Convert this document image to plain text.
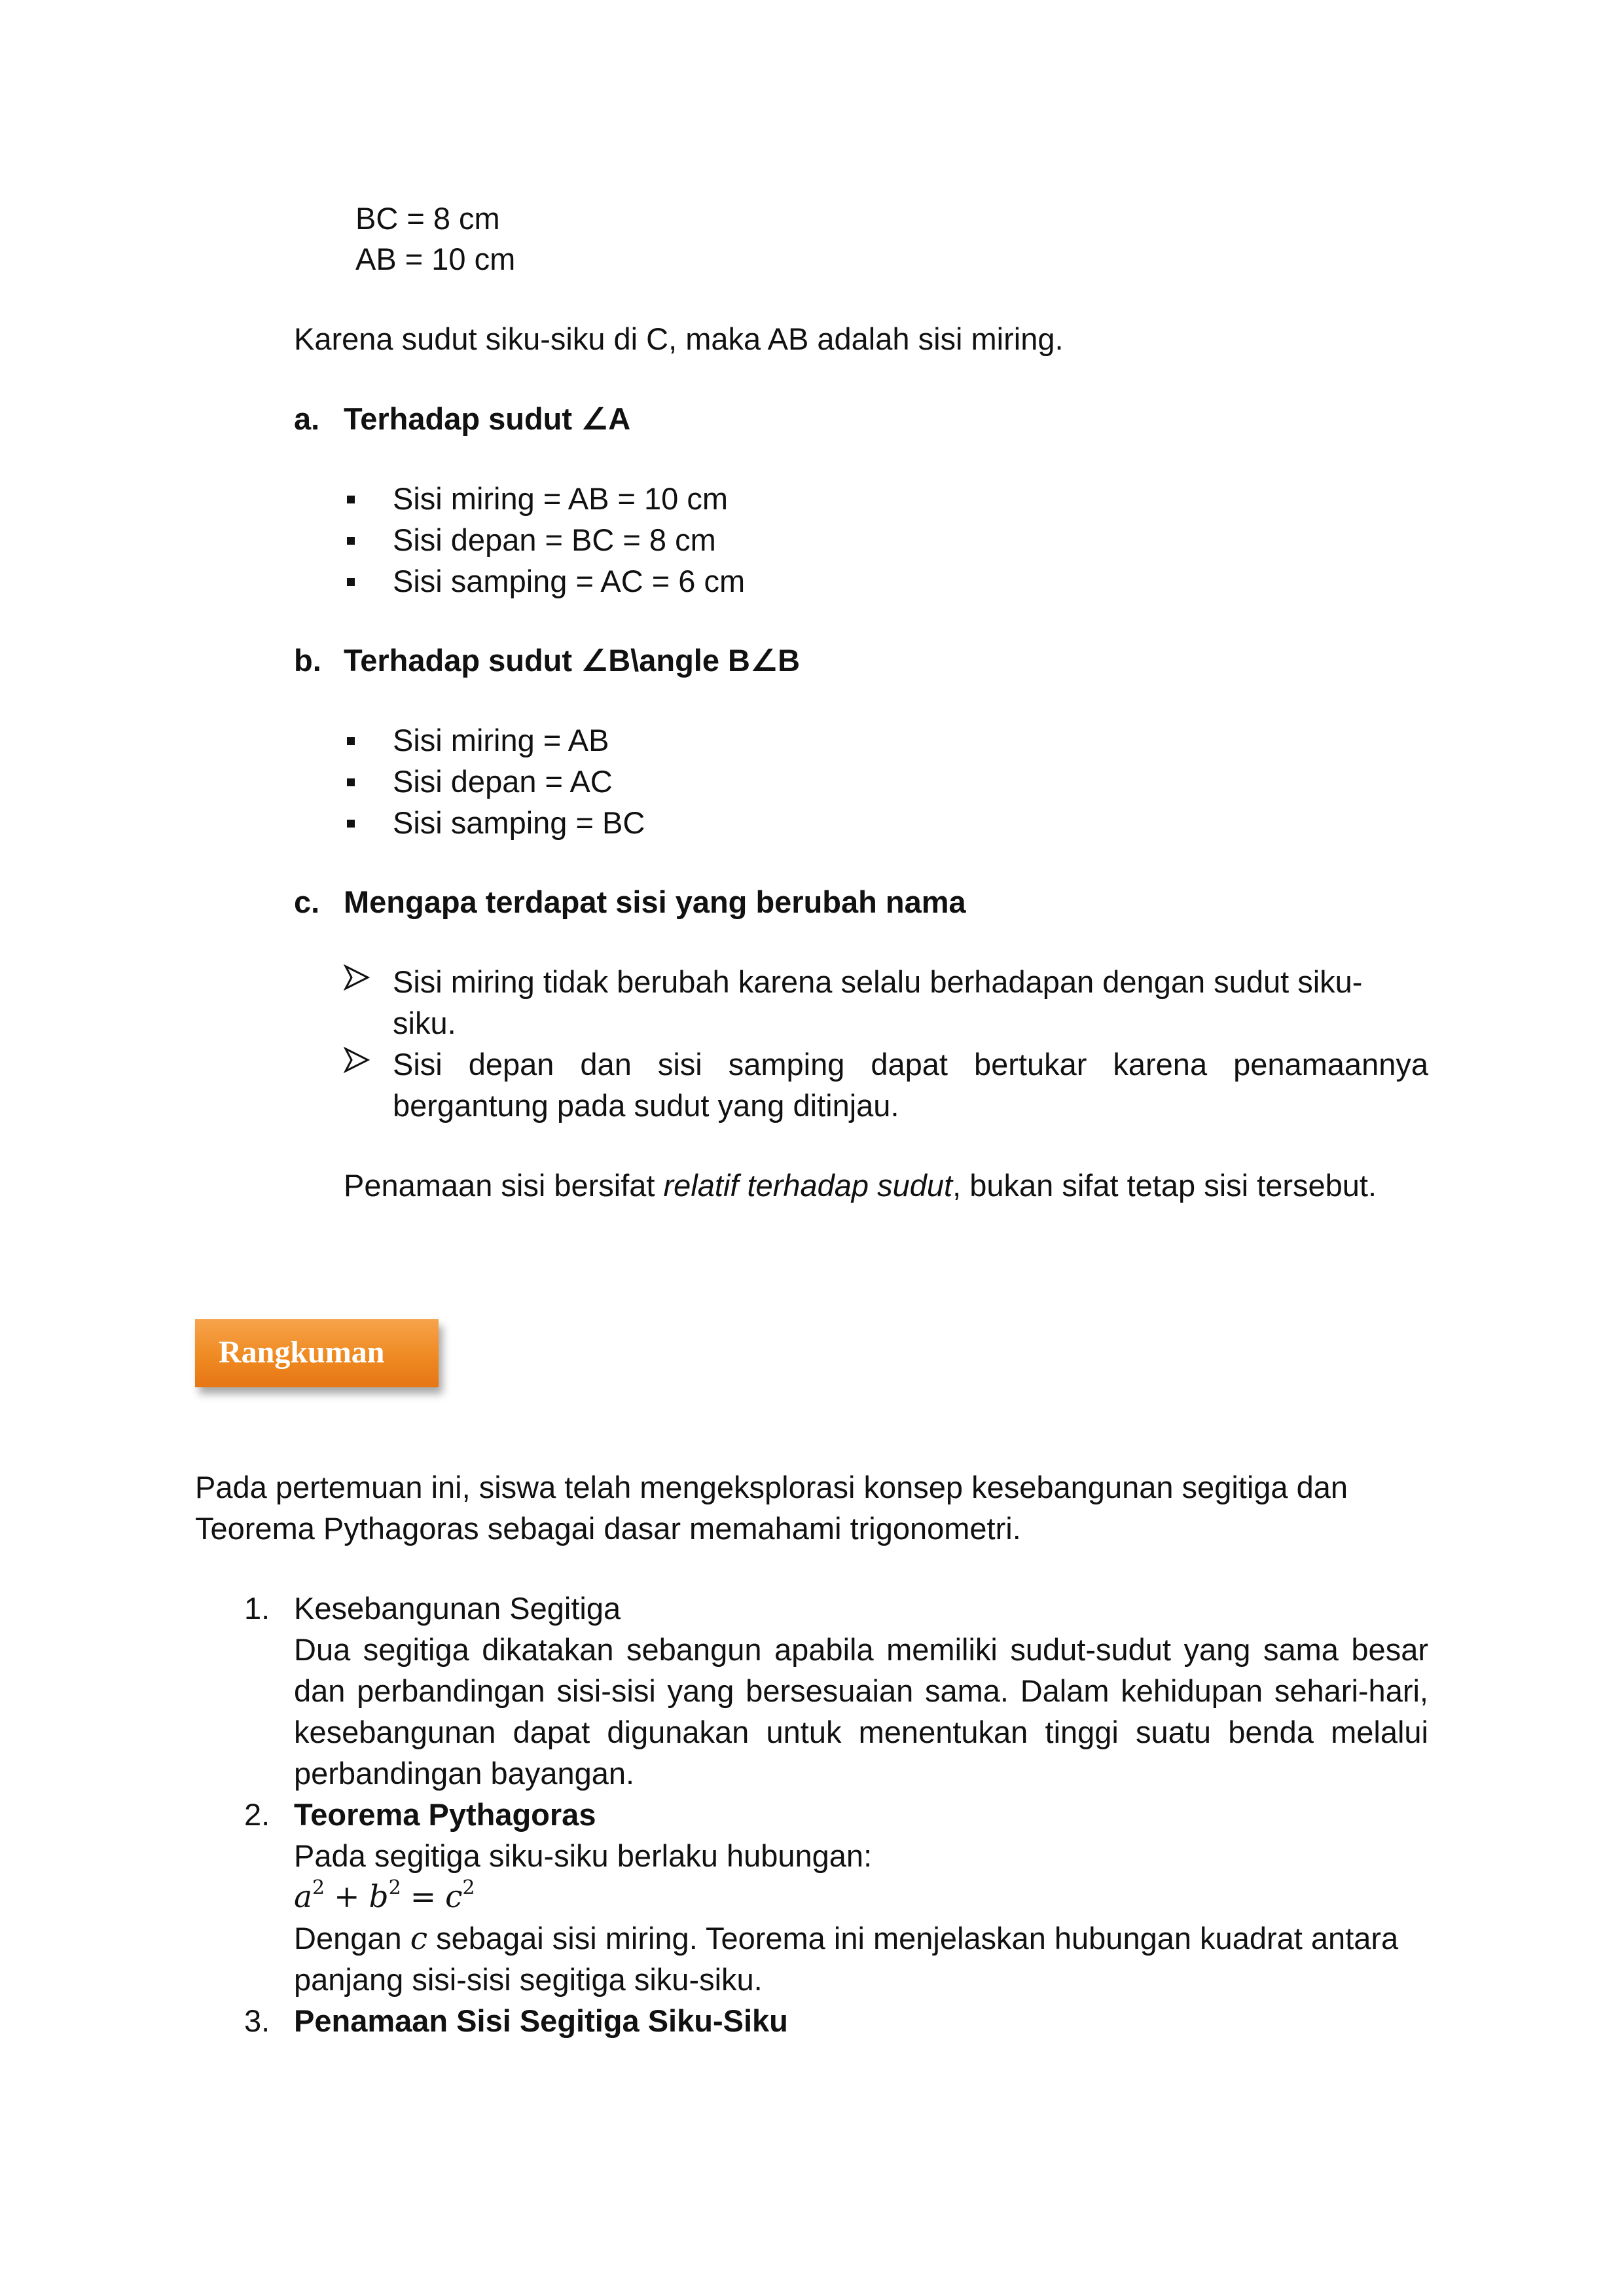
BC = 8 cm
AB = 10 cm
Karena sudut siku-siku di C, maka AB adalah sisi miring.
a. Terhadap sudut ∠A
Sisi miring = AB = 10 cm
Sisi depan = BC = 8 cm
Sisi samping = AC = 6 cm
b. Terhadap sudut ∠B\angle B∠B
Sisi miring = AB
Sisi depan = AC
Sisi samping = BC
c. Mengapa terdapat sisi yang berubah nama
Sisi miring tidak berubah karena selalu berhadapan dengan sudut siku-
siku.
Sisi depan dan sisi samping dapat bertukar karena penamaannya
bergantung pada sudut yang ditinjau.
Penamaan sisi bersifat relatif terhadap sudut, bukan sifat tetap sisi tersebut.
Rangkuman
Pada pertemuan ini, siswa telah mengeksplorasi konsep kesebangunan segitiga dan
Teorema Pythagoras sebagai dasar memahami trigonometri.
1. Kesebangunan Segitiga
Dua segitiga dikatakan sebangun apabila memiliki sudut-sudut yang sama besar
dan perbandingan sisi-sisi yang bersesuaian sama. Dalam kehidupan sehari-hari,
kesebangunan dapat digunakan untuk menentukan tinggi suatu benda melalui
perbandingan bayangan.
2. Teorema Pythagoras
Pada segitiga siku-siku berlaku hubungan:
$a^2 + b^2 = c^2$
Dengan c sebagai sisi miring. Teorema ini menjelaskan hubungan kuadrat antara
panjang sisi-sisi segitiga siku-siku.
3. Penamaan Sisi Segitiga Siku-Siku
